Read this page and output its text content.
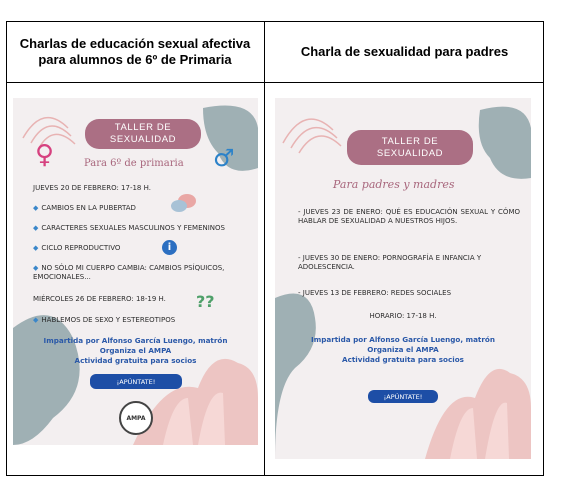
Charlas de educación sexual afectiva para alumnos de 6º de Primaria
Charla de sexualidad para padres
TALLER DE
SEXUALIDAD
♀	♂
Para 6º de primaria
JUEVES 20 DE FEBRERO: 17-18 H.
◆ CAMBIOS EN LA PUBERTAD
◆ CARACTERES SEXUALES MASCULINOS Y FEMENINOS
◆ CICLO REPRODUCTIVO	i
◆ NO SÓLO MI CUERPO CAMBIA: CAMBIOS PSÍQUICOS, EMOCIONALES...
MIÉRCOLES 26 DE FEBRERO: 18-19 H. ??
◆ HABLEMOS DE SEXO Y ESTEREOTIPOS
Impartida por Alfonso García Luengo, matrón
Organiza el AMPA
Actividad gratuita para socios
¡APÚNTATE!
AMPA
TALLER DE
SEXUALIDAD
Para padres y madres
- JUEVES 23 DE ENERO: QUÉ ES EDUCACIÓN SEXUAL Y CÓMO HABLAR DE SEXUALIDAD A NUESTROS HIJOS.
- JUEVES 30 DE ENERO: PORNOGRAFÍA E INFANCIA Y ADOLESCENCIA.
- JUEVES 13 DE FEBRERO: REDES SOCIALES
HORARIO: 17-18 H.
Impartida por Alfonso García Luengo, matrón
Organiza el AMPA
Actividad gratuita para socios
¡APÚNTATE!
